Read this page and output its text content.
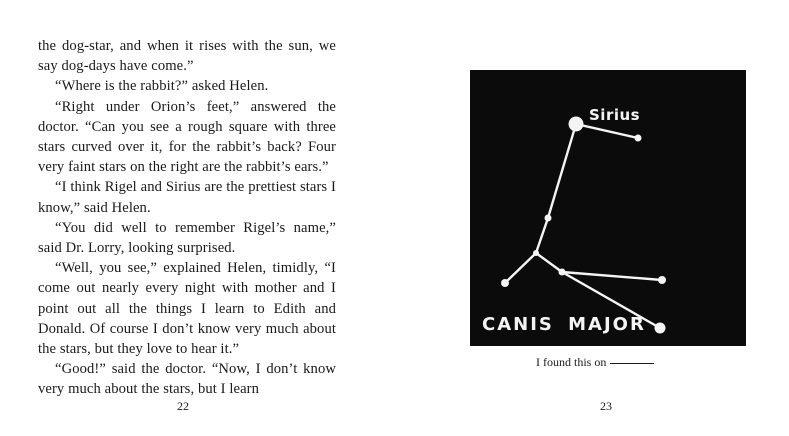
the dog-star, and when it rises with the sun, we say dog-days have come.”

“Where is the rabbit?” asked Helen.

“Right under Orion’s feet,” answered the doctor. “Can you see a rough square with three stars curved over it, for the rabbit’s back? Four very faint stars on the right are the rabbit’s ears.”

“I think Rigel and Sirius are the prettiest stars I know,” said Helen.

“You did well to remember Rigel’s name,” said Dr. Lorry, looking surprised.

“Well, you see,” explained Helen, timidly, “I come out nearly every night with mother and I point out all the things I learn to Edith and Donald. Of course I don’t know very much about the stars, but they love to hear it.”

“Good!” said the doctor. “Now, I don’t know very much about the stars, but I learn

22
Sirius
CANIS MAJOR
I found this on
23
